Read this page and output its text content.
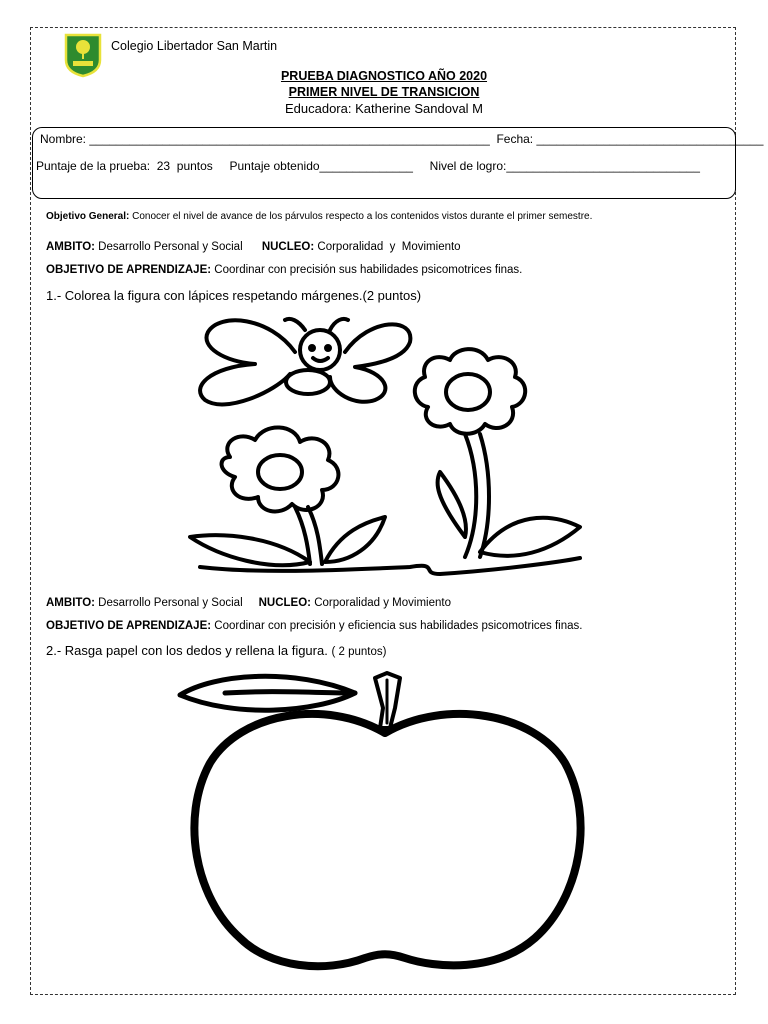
Colegio Libertador San Martin
PRUEBA DIAGNOSTICO AÑO 2020
PRIMER NIVEL DE TRANSICION
Educadora: Katherine Sandoval M
Nombre: ____________________________________________________________  Fecha: __________________________________
Puntaje de la prueba:  23  puntos     Puntaje obtenido______________     Nivel de logro:_____________________________
Objetivo General: Conocer el nivel de avance de los párvulos respecto a los contenidos vistos durante el primer semestre.
AMBITO: Desarrollo Personal y Social      NUCLEO: Corporalidad  y  Movimiento
OBJETIVO DE APRENDIZAJE: Coordinar con precisión sus habilidades psicomotrices finas.
1.- Colorea la figura con lápices respetando márgenes.(2 puntos)
AMBITO: Desarrollo Personal y Social     NUCLEO: Corporalidad y Movimiento
OBJETIVO DE APRENDIZAJE: Coordinar con precisión y eficiencia sus habilidades psicomotrices finas.
2.- Rasga papel con los dedos y rellena la figura. ( 2 puntos)
